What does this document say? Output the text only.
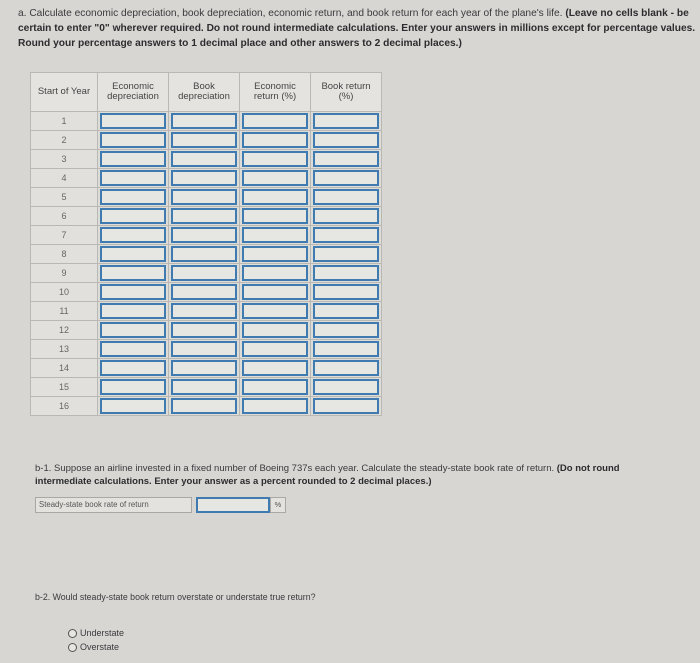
a. Calculate economic depreciation, book depreciation, economic return, and book return for each year of the plane's life. (Leave no cells blank - be certain to enter "0" wherever required. Do not round intermediate calculations. Enter your answers in millions except for percentage values. Round your percentage answers to 1 decimal place and other answers to 2 decimal places.)
Start of Year	Economic depreciation	Book depreciation	Economic return (%)	Book return (%)
1	

2	

3	

4	

5	

6	

7	

8	

9	

10	

11	

12	

13	

14	

15	

16	

b-1. Suppose an airline invested in a fixed number of Boeing 737s each year. Calculate the steady-state book rate of return. (Do not round intermediate calculations. Enter your answer as a percent rounded to 2 decimal places.)
Steady-state book rate of return	%
b-2. Would steady-state book return overstate or understate true return?
Understate
Overstate
